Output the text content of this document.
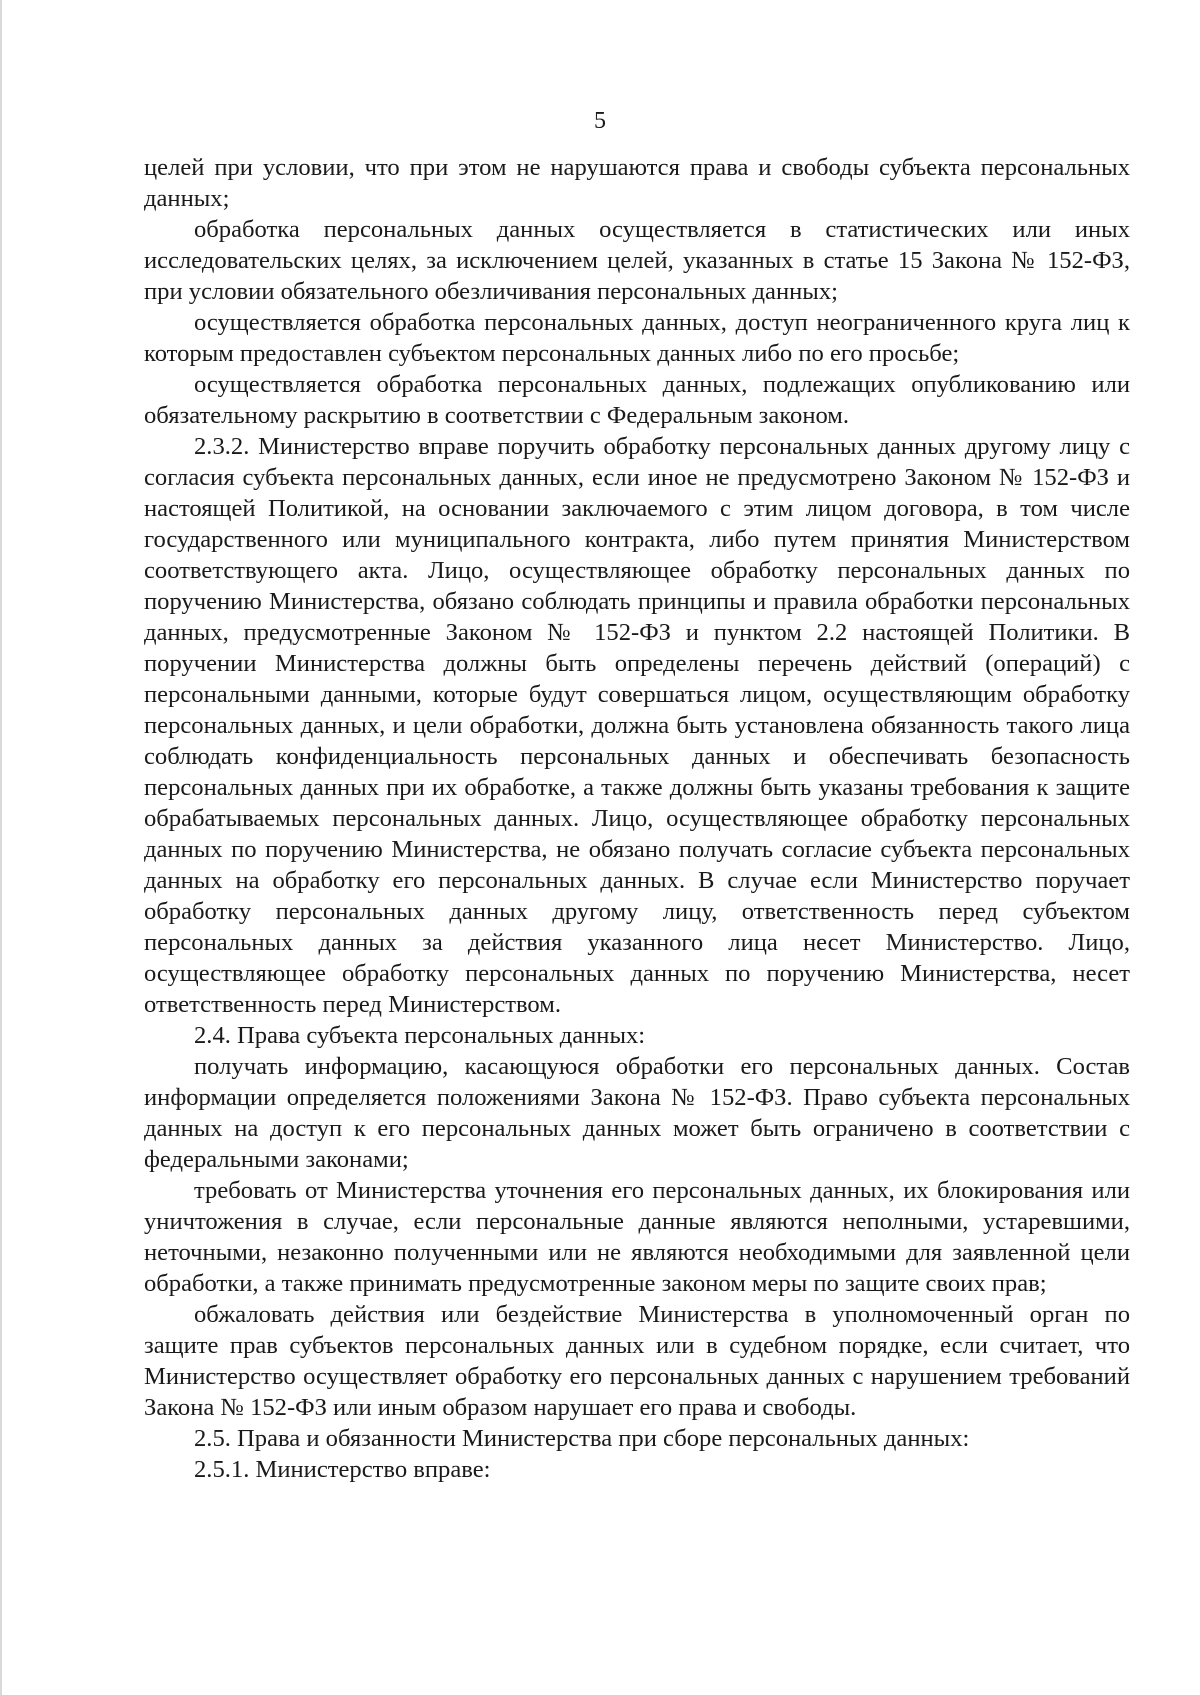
5

целей при условии, что при этом не нарушаются права и свободы субъекта персональных данных;

обработка персональных данных осуществляется в статистических или иных исследовательских целях, за исключением целей, указанных в статье 15 Закона № 152-ФЗ, при условии обязательного обезличивания персональных данных;

осуществляется обработка персональных данных, доступ неограниченного круга лиц к которым предоставлен субъектом персональных данных либо по его просьбе;

осуществляется обработка персональных данных, подлежащих опубликованию или обязательному раскрытию в соответствии с Федеральным законом.

2.3.2. Министерство вправе поручить обработку персональных данных другому лицу с согласия субъекта персональных данных, если иное не предусмотрено Законом № 152-ФЗ и настоящей Политикой, на основании заключаемого с этим лицом договора, в том числе государственного или муниципального контракта, либо путем принятия Министерством соответствующего акта. Лицо, осуществляющее обработку персональных данных по поручению Министерства, обязано соблюдать принципы и правила обработки персональных данных, предусмотренные Законом № 152-ФЗ и пунктом 2.2 настоящей Политики. В поручении Министерства должны быть определены перечень действий (операций) с персональными данными, которые будут совершаться лицом, осуществляющим обработку персональных данных, и цели обработки, должна быть установлена обязанность такого лица соблюдать конфиденциальность персональных данных и обеспечивать безопасность персональных данных при их обработке, а также должны быть указаны требования к защите обрабатываемых персональных данных. Лицо, осуществляющее обработку персональных данных по поручению Министерства, не обязано получать согласие субъекта персональных данных на обработку его персональных данных. В случае если Министерство поручает обработку персональных данных другому лицу, ответственность перед субъектом персональных данных за действия указанного лица несет Министерство. Лицо, осуществляющее обработку персональных данных по поручению Министерства, несет ответственность перед Министерством.

2.4. Права субъекта персональных данных:

получать информацию, касающуюся обработки его персональных данных. Состав информации определяется положениями Закона № 152-ФЗ. Право субъекта персональных данных на доступ к его персональных данных может быть ограничено в соответствии с федеральными законами;

требовать от Министерства уточнения его персональных данных, их блокирования или уничтожения в случае, если персональные данные являются неполными, устаревшими, неточными, незаконно полученными или не являются необходимыми для заявленной цели обработки, а также принимать предусмотренные законом меры по защите своих прав;

обжаловать действия или бездействие Министерства в уполномоченный орган по защите прав субъектов персональных данных или в судебном порядке, если считает, что Министерство осуществляет обработку его персональных данных с нарушением требований Закона № 152-ФЗ или иным образом нарушает его права и свободы.

2.5. Права и обязанности Министерства при сборе персональных данных:

2.5.1. Министерство вправе:
